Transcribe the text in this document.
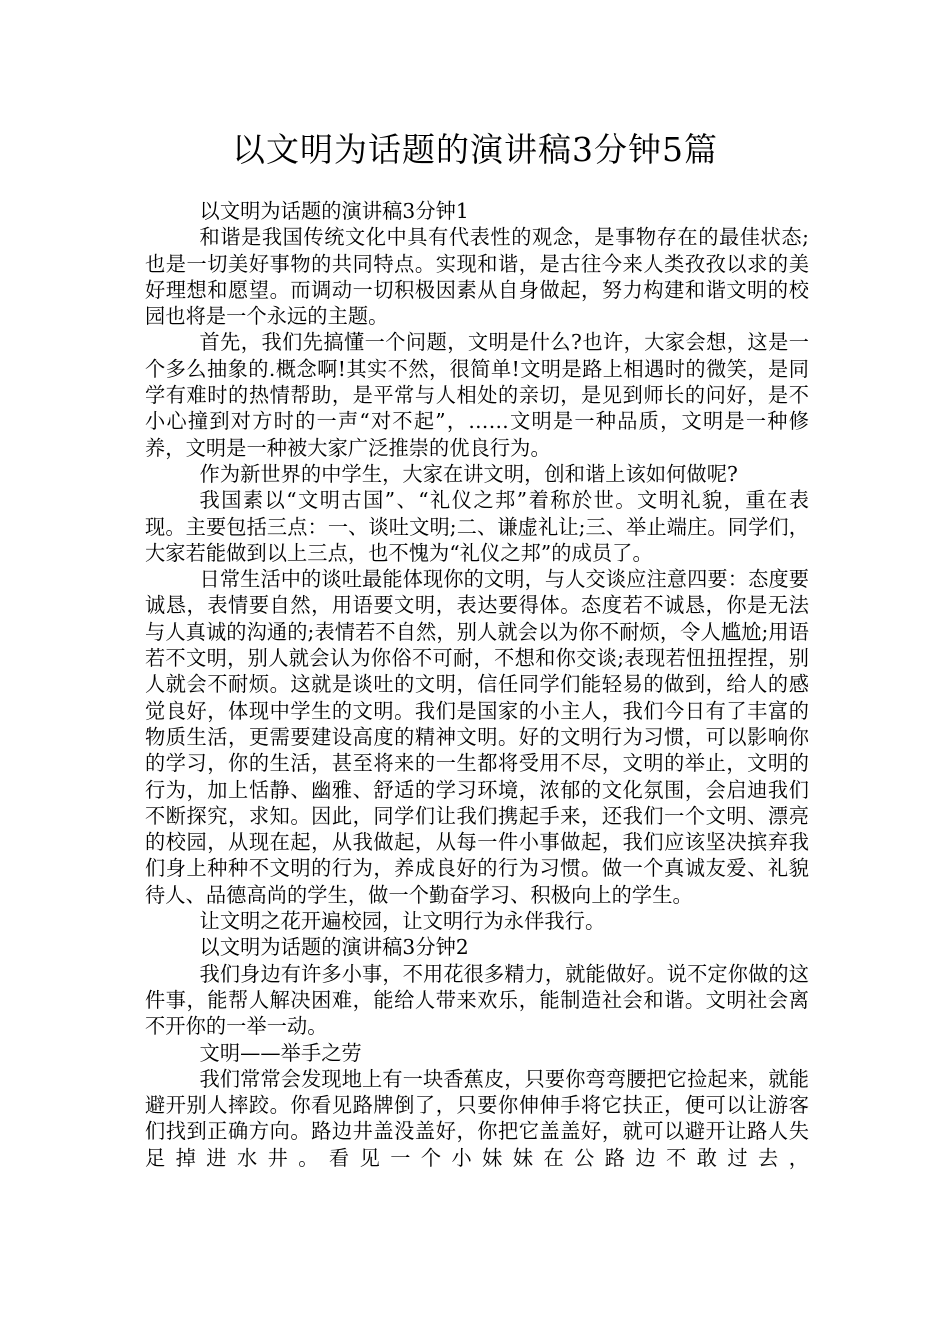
以文明为话题的演讲稿3分钟5篇

以文明为话题的演讲稿3分钟1

和谐是我国传统文化中具有代表性的观念，是事物存在的最佳状态;也是一切美好事物的共同特点。实现和谐，是古往今来人类孜孜以求的美好理想和愿望。而调动一切积极因素从自身做起，努力构建和谐文明的校园也将是一个永远的主题。

首先，我们先搞懂一个问题，文明是什么?也许，大家会想，这是一个多么抽象的.概念啊!其实不然，很简单!文明是路上相遇时的微笑，是同学有难时的热情帮助，是平常与人相处的亲切，是见到师长的问好，是不小心撞到对方时的一声“对不起”，……文明是一种品质，文明是一种修养，文明是一种被大家广泛推崇的优良行为。

作为新世界的中学生，大家在讲文明，创和谐上该如何做呢?

我国素以“文明古国”、“礼仪之邦”着称於世。文明礼貌，重在表现。主要包括三点：一、谈吐文明;二、谦虚礼让;三、举止端庄。同学们，大家若能做到以上三点，也不愧为“礼仪之邦”的成员了。

日常生活中的谈吐最能体现你的文明，与人交谈应注意四要：态度要诚恳，表情要自然，用语要文明，表达要得体。态度若不诚恳，你是无法与人真诚的沟通的;表情若不自然，别人就会以为你不耐烦，令人尴尬;用语若不文明，别人就会认为你俗不可耐，不想和你交谈;表现若忸扭捏捏，别人就会不耐烦。这就是谈吐的文明，信任同学们能轻易的做到，给人的感觉良好，体现中学生的文明。我们是国家的小主人，我们今日有了丰富的物质生活，更需要建设高度的精神文明。好的文明行为习惯，可以影响你的学习，你的生活，甚至将来的一生都将受用不尽，文明的举止，文明的行为，加上恬静、幽雅、舒适的学习环境，浓郁的文化氛围，会启迪我们不断探究，求知。因此，同学们让我们携起手来，还我们一个文明、漂亮的校园，从现在起，从我做起，从每一件小事做起，我们应该坚决摈弃我们身上种种不文明的行为，养成良好的行为习惯。做一个真诚友爱、礼貌待人、品德高尚的学生，做一个勤奋学习、积极向上的学生。

让文明之花开遍校园，让文明行为永伴我行。

以文明为话题的演讲稿3分钟2

我们身边有许多小事，不用花很多精力，就能做好。说不定你做的这件事，能帮人解决困难，能给人带来欢乐，能制造社会和谐。文明社会离不开你的一举一动。

文明——举手之劳

我们常常会发现地上有一块香蕉皮，只要你弯弯腰把它捡起来，就能避开别人摔跤。你看见路牌倒了，只要你伸伸手将它扶正，便可以让游客们找到正确方向。路边井盖没盖好，你把它盖盖好，就可以避开让路人失足掉进水井。看见一个小妹妹在公路边不敢过去，
